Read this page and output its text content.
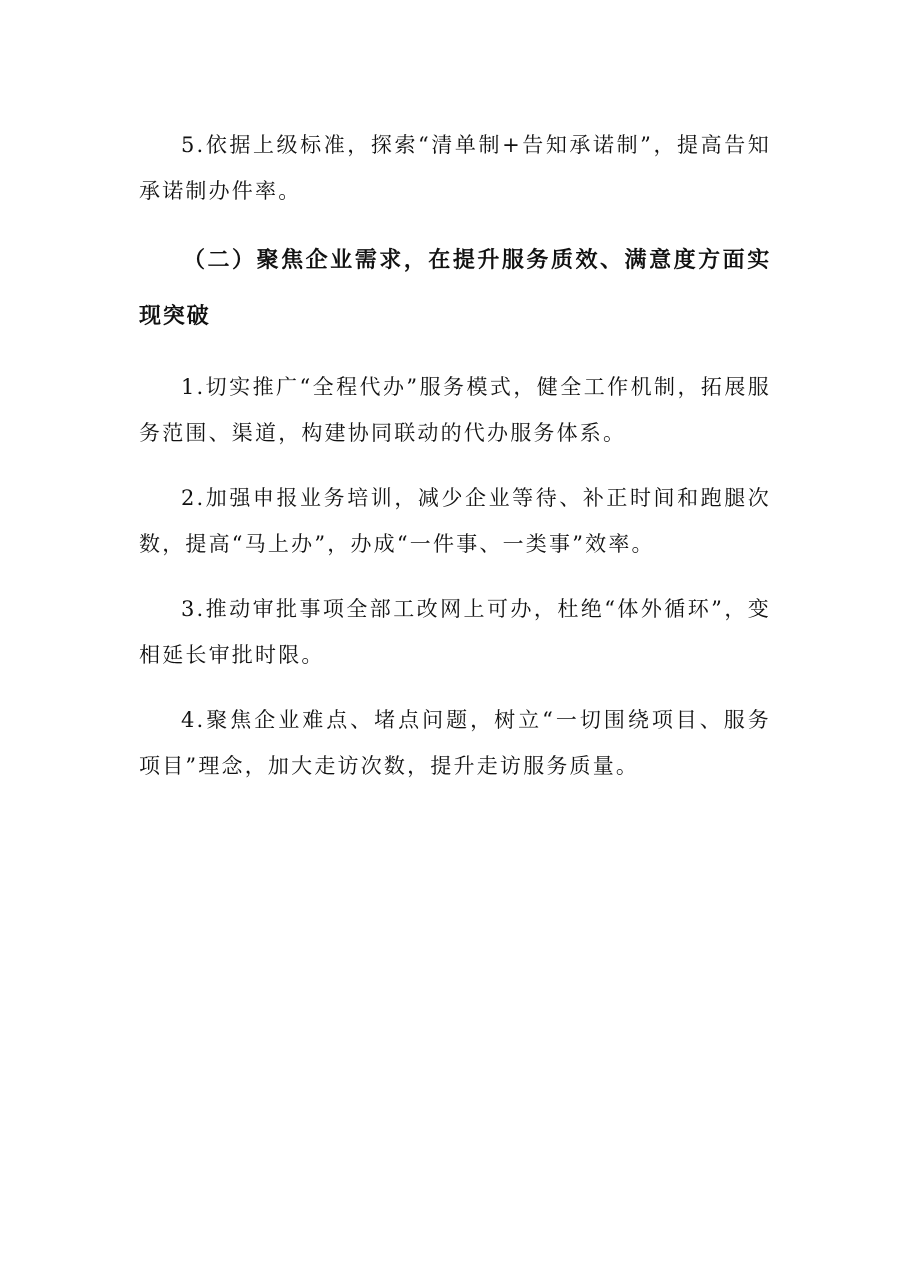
5.依据上级标准，探索“清单制+告知承诺制”，提高告知承诺制办件率。

（二）聚焦企业需求，在提升服务质效、满意度方面实现突破

1.切实推广“全程代办”服务模式，健全工作机制，拓展服务范围、渠道，构建协同联动的代办服务体系。

2.加强申报业务培训，减少企业等待、补正时间和跑腿次数，提高“马上办”，办成“一件事、一类事”效率。

3.推动审批事项全部工改网上可办，杜绝“体外循环”，变相延长审批时限。

4.聚焦企业难点、堵点问题，树立“一切围绕项目、服务项目”理念，加大走访次数，提升走访服务质量。
